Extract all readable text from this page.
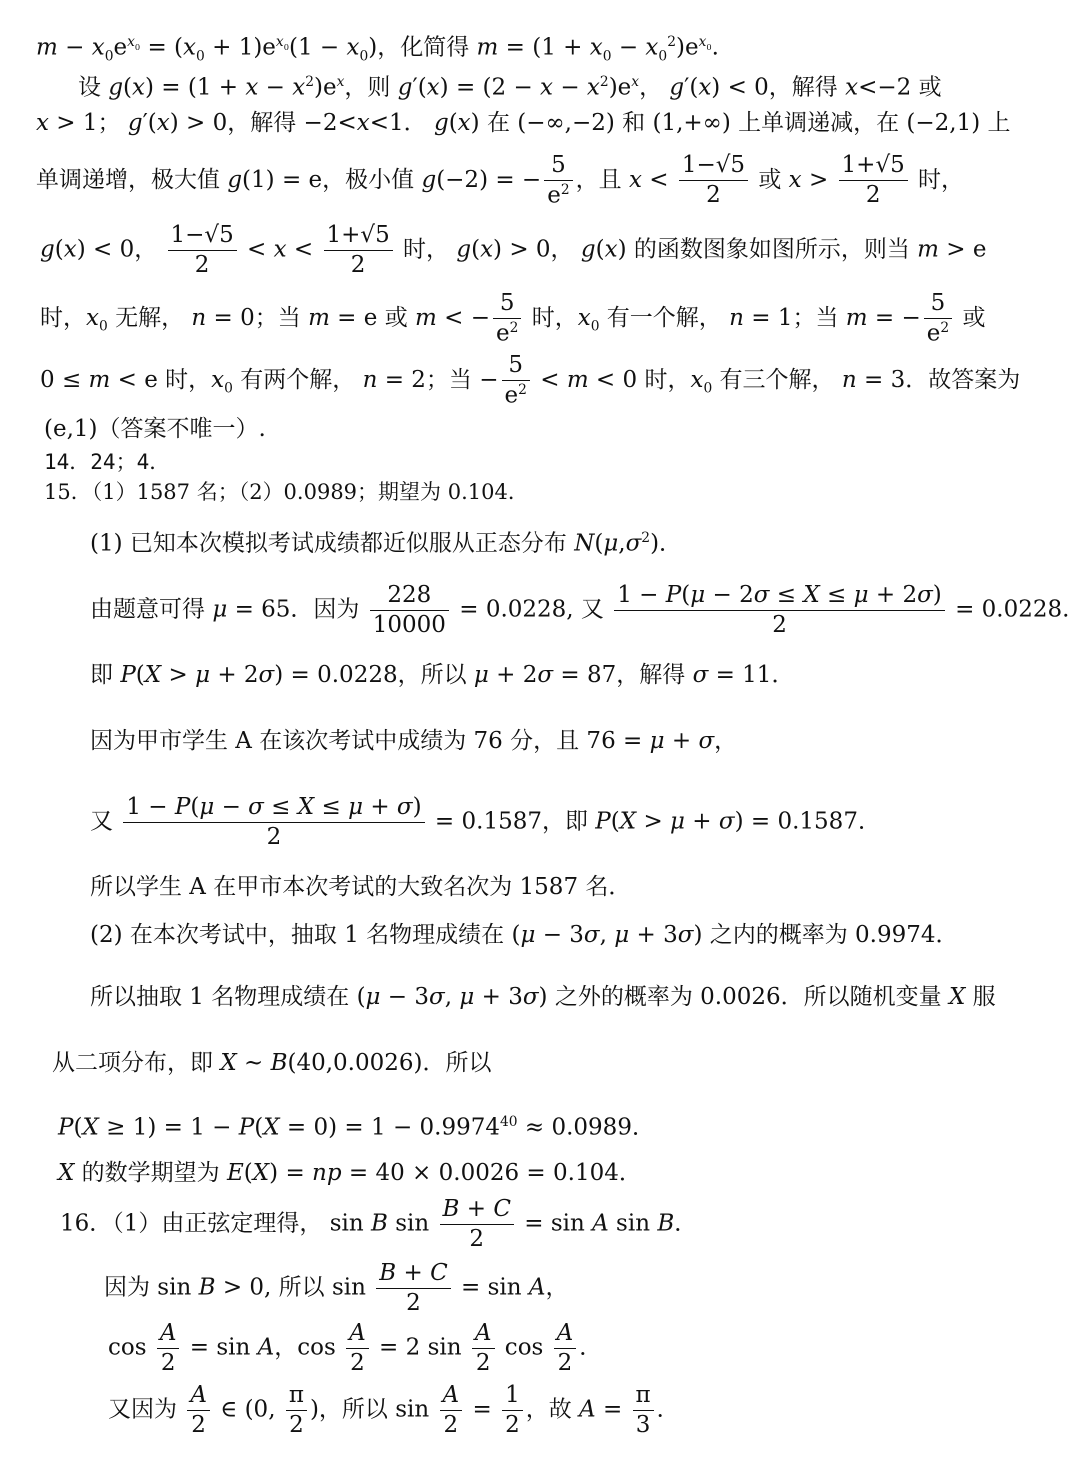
$m - x_0e^{x_0} = (x_0 + 1)e^{x_0}(1 - x_0)$，化简得 $m = (1 + x_0 - x_0^2)e^{x_0}$.
设 $g(x) = (1 + x - x^2)e^x$，则 $g'(x) = (2 - x - x^2)e^x$， g′(x) < 0，解得 x<−2 或
x > 1； g′(x) > 0，解得 −2<x<1． g(x) 在 (−∞,−2) 和 (1,+∞) 上单调递减，在 (−2,1) 上
单调递增，极大值 g(1) = e，极小值 g(−2) = − $\frac{5}{e^2}$ ，且 $x < \frac{1-√5}{2}$ 或 $x > \frac{1+√5}{2}$ 时，
g(x) < 0， $\frac{1-√5}{2} < x < \frac{1+√5}{2}$ 时， g(x) > 0， g(x) 的函数图象如图所示，则当 m > e
时，$x_0$ 无解， n = 0；当 m = e 或 m < − $\frac{5}{e^2}$ 时，$x_0$ 有一个解， n = 1；当 m = − $\frac{5}{e^2}$ 或
0 ≤ m < e 时，$x_0$ 有两个解， n = 2；当 − $\frac{5}{e^2} < m < 0$ 时，$x_0$ 有三个解， n = 3．故答案为
(e,1)（答案不唯一）.
14．24；4．
15．（1）1587 名；（2）0.0989；期望为 0.104．
(1) 已知本次模拟考试成绩都近似服从正态分布 $N(\mu,\sigma^2)$．
由题意可得 μ = 65．因为 $\frac{228}{10000} = 0.0228$, 又 $\frac{1 - P(\mu - 2\sigma \le X \le \mu + 2\sigma)}{2} = 0.0228$.
即 P(X > μ + 2σ) = 0.0228，所以 μ + 2σ = 87，解得 σ = 11．
因为甲市学生 A 在该次考试中成绩为 76 分，且 76 = μ + σ，
又 $\frac{1 - P(\mu - \sigma \le X \le \mu + \sigma)}{2} = 0.1587$，即 P(X > μ + σ) = 0.1587．
所以学生 A 在甲市本次考试的大致名次为 1587 名．
(2) 在本次考试中，抽取 1 名物理成绩在 (μ − 3σ, μ + 3σ) 之内的概率为 0.9974．
所以抽取 1 名物理成绩在 (μ − 3σ, μ + 3σ) 之外的概率为 0.0026．所以随机变量 X 服
从二项分布，即 X ~ B(40,0.0026)．所以
$P(X \ge 1) = 1 - P(X = 0) = 1 - 0.9974^{40} \approx 0.0989$．
X 的数学期望为 E(X) = np = 40 × 0.0026 = 0.104．
16．（1）由正弦定理得， sin B $\sin \frac{B + C}{2} = \sin A$ sin B．
因为 sin B > 0, 所以 $\sin \frac{B + C}{2} = \sin A$，
$\cos \frac{A}{2} = \sin A$，$\cos \frac{A}{2} = 2$ $\sin \frac{A}{2}$ $\cos \frac{A}{2}$ ．
又因为 $\frac{A}{2}$ ∈ (0, $\frac{\pi}{2}$ )，所以 $\sin \frac{A}{2} = \frac{1}{2}$ ，故 $A = \frac{\pi}{3}$ ．
